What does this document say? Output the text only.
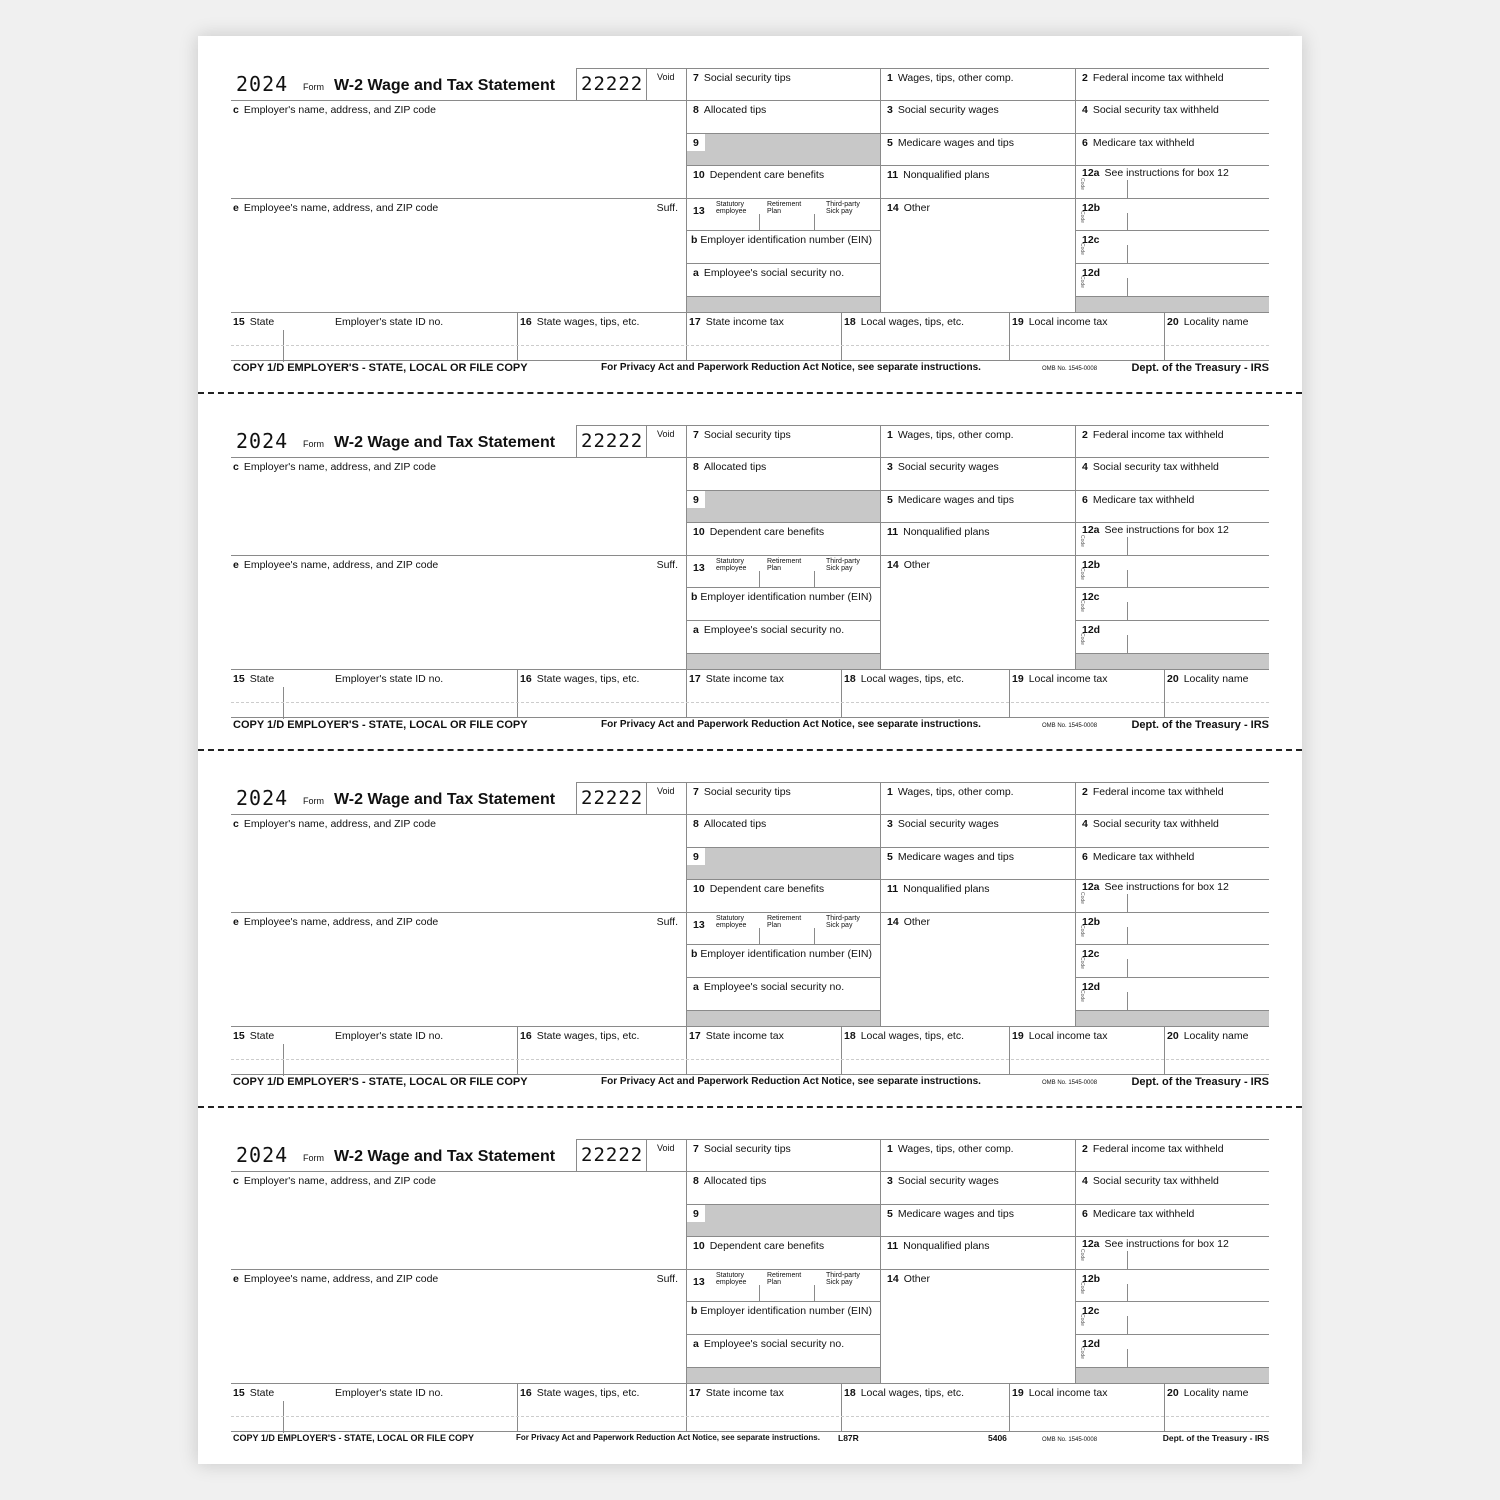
2024 Form W-2 Wage and Tax Statement 22222	Void
c Employer's name, address, and ZIP code
e Employee's name, address, and ZIP code	Suff.
7 Social security tips
8 Allocated tips
9
10 Dependent care benefits
13
Statutory employee
Retirement Plan
Third-party Sick pay
b Employer identification number (EIN)
a Employee's social security no.
1 Wages, tips, other comp.
3 Social security wages
5 Medicare wages and tips
11 Nonqualified plans
14 Other
2 Federal income tax withheld
4 Social security tax withheld
6 Medicare tax withheld
12a See instructions for box 12
Code
12b
Code
12c
Code
12d
Code
15 State	Employer's state ID no.	16 State wages, tips, etc.	17 State income tax	18 Local wages, tips, etc.	19 Local income tax	20 Locality name
COPY 1/D EMPLOYER'S - STATE, LOCAL OR FILE COPY	For Privacy Act and Paperwork Reduction Act Notice, see separate instructions.	OMB No. 1545-0008	Dept. of the Treasury - IRS
2024 Form W-2 Wage and Tax Statement 22222	Void
c Employer's name, address, and ZIP code
e Employee's name, address, and ZIP code	Suff.
7 Social security tips
8 Allocated tips
9
10 Dependent care benefits
13
Statutory employee
Retirement Plan
Third-party Sick pay
b Employer identification number (EIN)
a Employee's social security no.
1 Wages, tips, other comp.
3 Social security wages
5 Medicare wages and tips
11 Nonqualified plans
14 Other
2 Federal income tax withheld
4 Social security tax withheld
6 Medicare tax withheld
12a See instructions for box 12
Code
12b
Code
12c
Code
12d
Code
15 State	Employer's state ID no.	16 State wages, tips, etc.	17 State income tax	18 Local wages, tips, etc.	19 Local income tax	20 Locality name
COPY 1/D EMPLOYER'S - STATE, LOCAL OR FILE COPY	For Privacy Act and Paperwork Reduction Act Notice, see separate instructions.	OMB No. 1545-0008	Dept. of the Treasury - IRS
2024 Form W-2 Wage and Tax Statement 22222	Void
c Employer's name, address, and ZIP code
e Employee's name, address, and ZIP code	Suff.
7 Social security tips
8 Allocated tips
9
10 Dependent care benefits
13
Statutory employee
Retirement Plan
Third-party Sick pay
b Employer identification number (EIN)
a Employee's social security no.
1 Wages, tips, other comp.
3 Social security wages
5 Medicare wages and tips
11 Nonqualified plans
14 Other
2 Federal income tax withheld
4 Social security tax withheld
6 Medicare tax withheld
12a See instructions for box 12
Code
12b
Code
12c
Code
12d
Code
15 State	Employer's state ID no.	16 State wages, tips, etc.	17 State income tax	18 Local wages, tips, etc.	19 Local income tax	20 Locality name
COPY 1/D EMPLOYER'S - STATE, LOCAL OR FILE COPY	For Privacy Act and Paperwork Reduction Act Notice, see separate instructions.	OMB No. 1545-0008	Dept. of the Treasury - IRS
2024 Form W-2 Wage and Tax Statement 22222	Void
c Employer's name, address, and ZIP code
e Employee's name, address, and ZIP code	Suff.
7 Social security tips
8 Allocated tips
9
10 Dependent care benefits
13
Statutory employee
Retirement Plan
Third-party Sick pay
b Employer identification number (EIN)
a Employee's social security no.
1 Wages, tips, other comp.
3 Social security wages
5 Medicare wages and tips
11 Nonqualified plans
14 Other
2 Federal income tax withheld
4 Social security tax withheld
6 Medicare tax withheld
12a See instructions for box 12
Code
12b
Code
12c
Code
12d
Code
15 State	Employer's state ID no.	16 State wages, tips, etc.	17 State income tax	18 Local wages, tips, etc.	19 Local income tax	20 Locality name
COPY 1/D EMPLOYER'S - STATE, LOCAL OR FILE COPY	For Privacy Act and Paperwork Reduction Act Notice, see separate instructions. L87R	5406	OMB No. 1545-0008	Dept. of the Treasury - IRS
